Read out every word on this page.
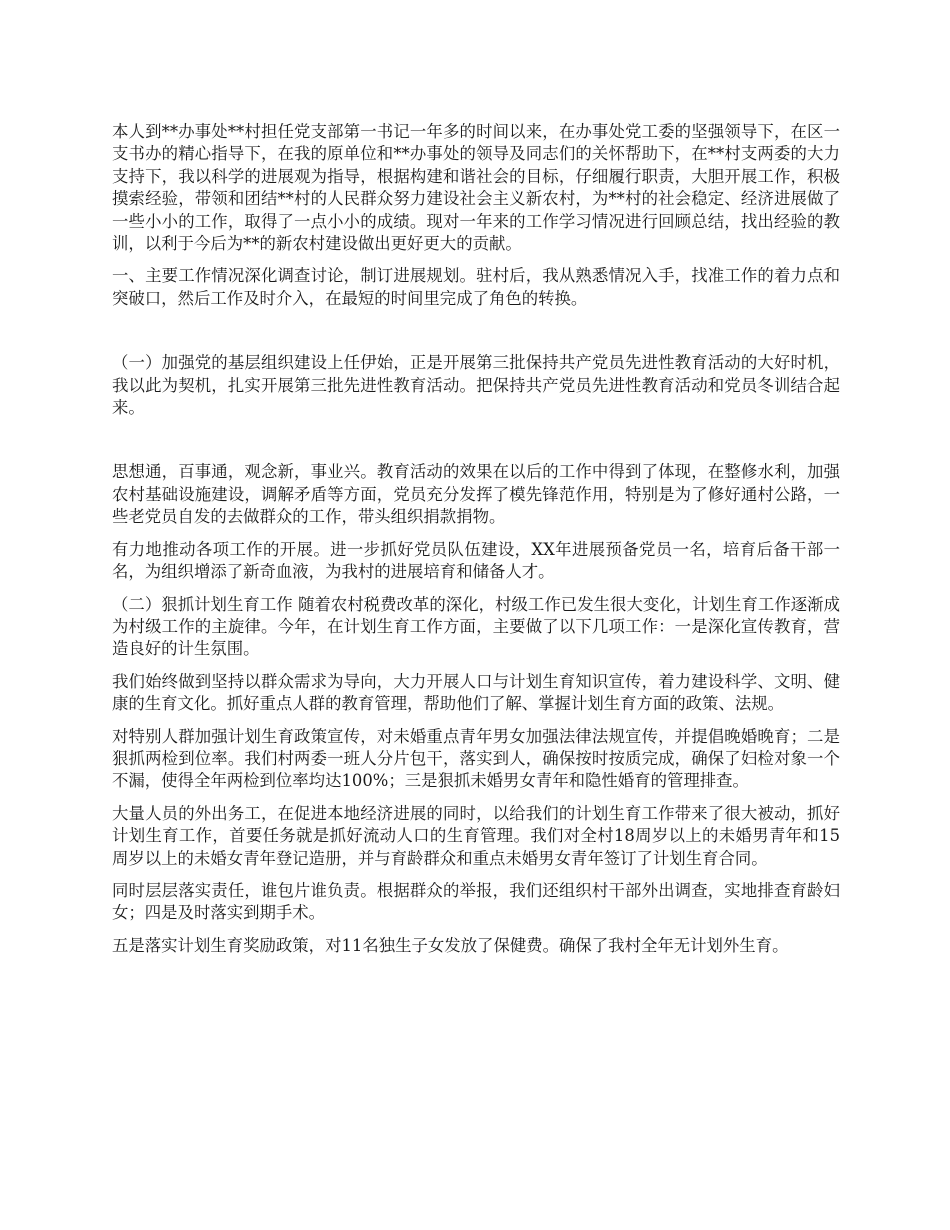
本人到**办事处**村担任党支部第一书记一年多的时间以来，在办事处党工委的坚强领导下，在区一支书办的精心指导下，在我的原单位和**办事处的领导及同志们的关怀帮助下，在**村支两委的大力支持下，我以科学的进展观为指导，根据构建和谐社会的目标，仔细履行职责，大胆开展工作，积极摸索经验，带领和团结**村的人民群众努力建设社会主义新农村，为**村的社会稳定、经济进展做了一些小小的工作，取得了一点小小的成绩。现对一年来的工作学习情况进行回顾总结，找出经验的教训，以利于今后为**的新农村建设做出更好更大的贡献。

一、主要工作情况深化调查讨论，制订进展规划。驻村后，我从熟悉情况入手，找准工作的着力点和突破口，然后工作及时介入，在最短的时间里完成了角色的转换。

（一）加强党的基层组织建设上任伊始，正是开展第三批保持共产党员先进性教育活动的大好时机，我以此为契机，扎实开展第三批先进性教育活动。把保持共产党员先进性教育活动和党员冬训结合起来。

思想通，百事通，观念新，事业兴。教育活动的效果在以后的工作中得到了体现，在整修水利，加强农村基础设施建设，调解矛盾等方面，党员充分发挥了模先锋范作用，特别是为了修好通村公路，一些老党员自发的去做群众的工作，带头组织捐款捐物。

有力地推动各项工作的开展。进一步抓好党员队伍建设，XX年进展预备党员一名，培育后备干部一名，为组织增添了新奇血液，为我村的进展培育和储备人才。

（二）狠抓计划生育工作 随着农村税费改革的深化，村级工作已发生很大变化，计划生育工作逐渐成为村级工作的主旋律。今年，在计划生育工作方面，主要做了以下几项工作：一是深化宣传教育，营造良好的计生氛围。

我们始终做到坚持以群众需求为导向，大力开展人口与计划生育知识宣传，着力建设科学、文明、健康的生育文化。抓好重点人群的教育管理，帮助他们了解、掌握计划生育方面的政策、法规。

对特别人群加强计划生育政策宣传，对未婚重点青年男女加强法律法规宣传，并提倡晚婚晚育；二是狠抓两检到位率。我们村两委一班人分片包干，落实到人，确保按时按质完成，确保了妇检对象一个不漏，使得全年两检到位率均达100%；三是狠抓未婚男女青年和隐性婚育的管理排查。

大量人员的外出务工，在促进本地经济进展的同时，以给我们的计划生育工作带来了很大被动，抓好计划生育工作，首要任务就是抓好流动人口的生育管理。我们对全村18周岁以上的未婚男青年和15周岁以上的未婚女青年登记造册，并与育龄群众和重点未婚男女青年签订了计划生育合同。

同时层层落实责任，谁包片谁负责。根据群众的举报，我们还组织村干部外出调查，实地排查育龄妇女；四是及时落实到期手术。

五是落实计划生育奖励政策，对11名独生子女发放了保健费。确保了我村全年无计划外生育。
